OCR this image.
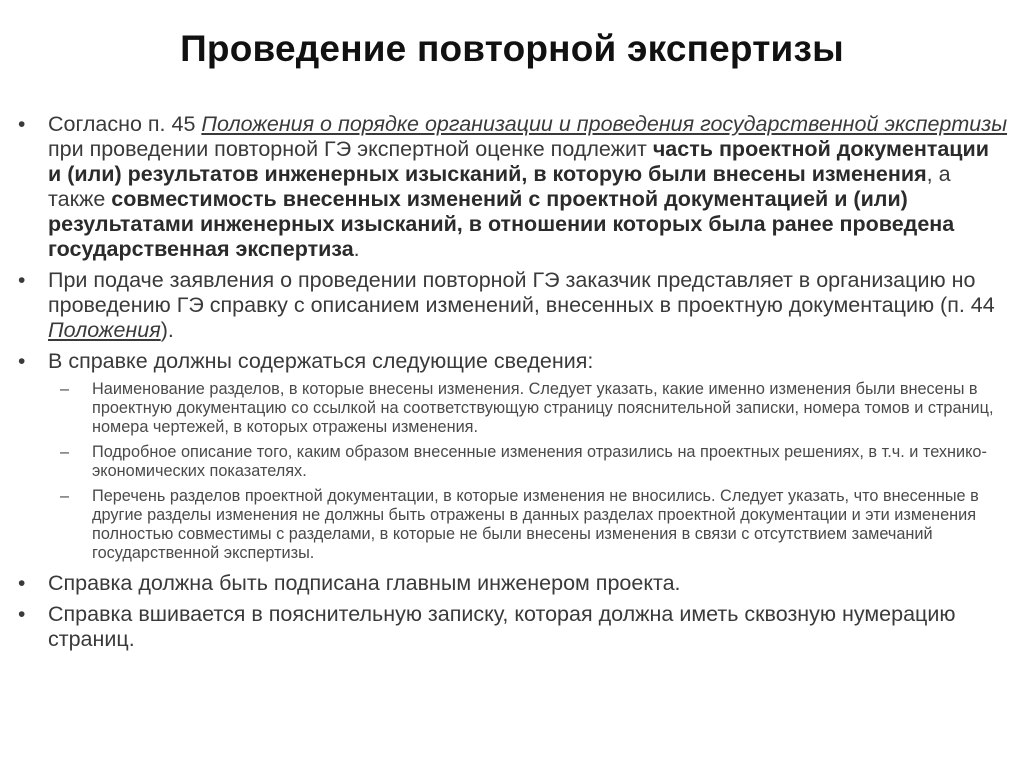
Проведение повторной экспертизы
• Согласно п. 45 Положения о порядке организации и проведения государственной экспертизы при проведении повторной ГЭ экспертной оценке подлежит часть проектной документации и (или) результатов инженерных изысканий, в которую были внесены изменения, а также совместимость внесенных изменений с проектной документацией и (или) результатами инженерных изысканий, в отношении которых была ранее проведена государственная экспертиза.
• При подаче заявления о проведении повторной ГЭ заказчик представляет в организацию но проведению ГЭ справку с описанием изменений, внесенных в проектную документацию (п. 44 Положения).
• В справке должны содержаться следующие сведения:
– Наименование разделов, в которые внесены изменения. Следует указать, какие именно изменения были внесены в проектную документацию со ссылкой на соответствующую страницу пояснительной записки, номера томов и страниц, номера чертежей, в которых отражены изменения.
– Подробное описание того, каким образом внесенные изменения отразились на проектных решениях, в т.ч. и технико-экономических показателях.
– Перечень разделов проектной документации, в которые изменения не вносились. Следует указать, что внесенные в другие разделы изменения не должны быть отражены в данных разделах проектной документации и эти изменения полностью совместимы с разделами, в которые не были внесены изменения в связи с отсутствием замечаний государственной экспертизы.
• Справка должна быть подписана главным инженером проекта.
• Справка вшивается в пояснительную записку, которая должна иметь сквозную нумерацию страниц.
